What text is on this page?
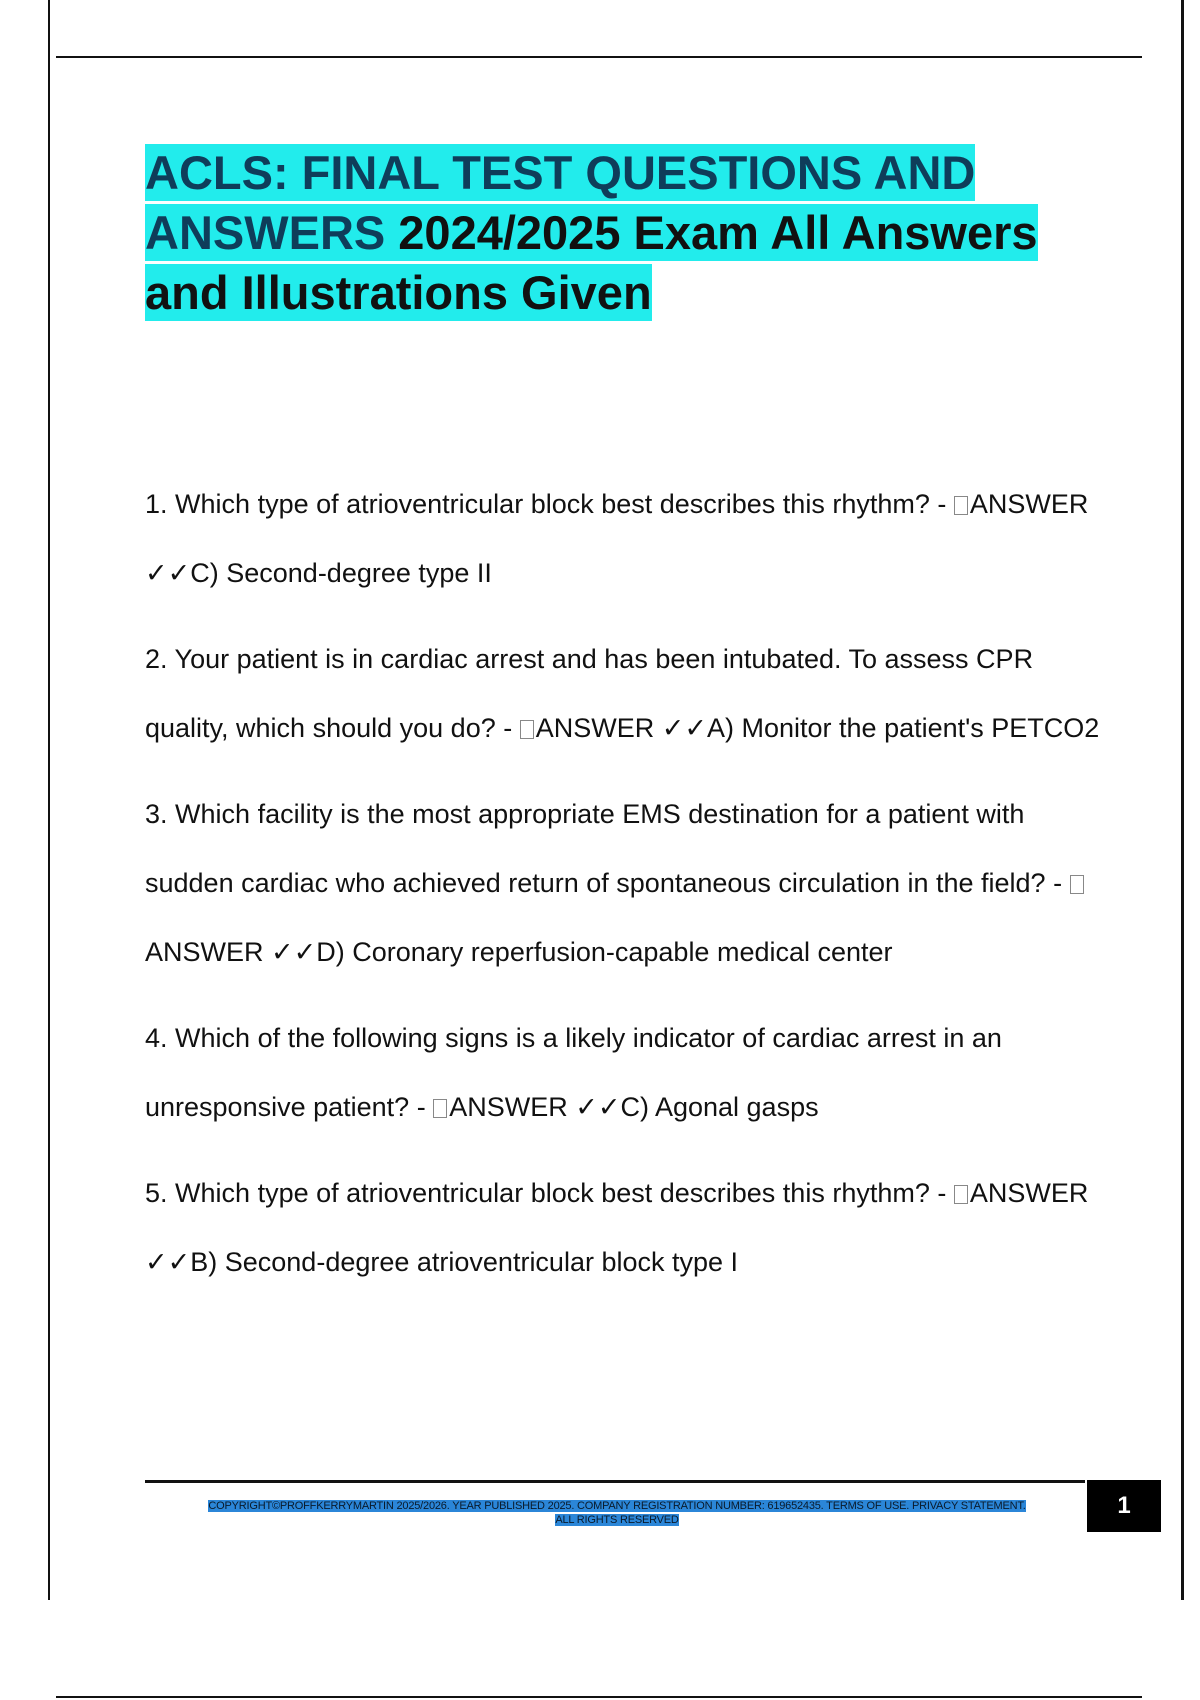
ACLS: FINAL TEST QUESTIONS AND
ANSWERS 2024/2025 Exam All Answers
and Illustrations Given

1. Which type of atrioventricular block best describes this rhythm? - ANSWER ✓✓C) Second-degree type II

2. Your patient is in cardiac arrest and has been intubated. To assess CPR quality, which should you do? - ANSWER ✓✓A) Monitor the patient's PETCO2

3. Which facility is the most appropriate EMS destination for a patient with sudden cardiac who achieved return of spontaneous circulation in the field? - ANSWER ✓✓D) Coronary reperfusion-capable medical center

4. Which of the following signs is a likely indicator of cardiac arrest in an unresponsive patient? - ANSWER ✓✓C) Agonal gasps

5. Which type of atrioventricular block best describes this rhythm? - ANSWER ✓✓B) Second-degree atrioventricular block type I

COPYRIGHT©PROFFKERRYMARTIN 2025/2026. YEAR PUBLISHED 2025. COMPANY REGISTRATION NUMBER: 619652435. TERMS OF USE. PRIVACY STATEMENT.
ALL RIGHTS RESERVED
1
